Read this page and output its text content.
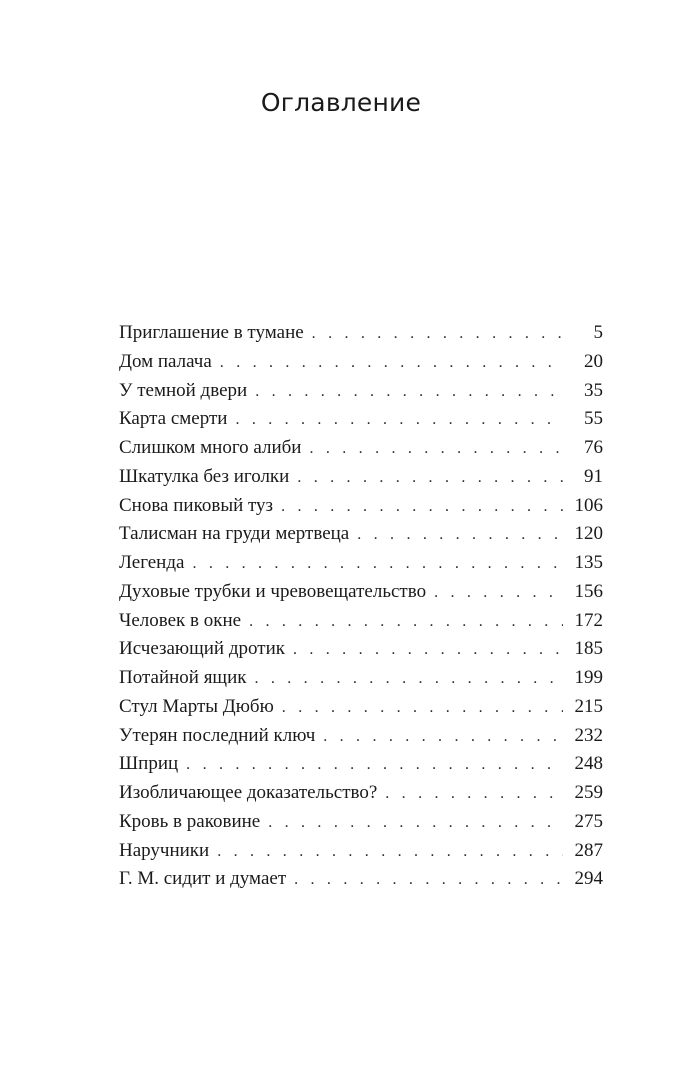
Оглавление
Приглашение в тумане . . .	5
Дом палача . . .	20
У темной двери . . .	35
Карта смерти . . .	55
Слишком много алиби . . .	76
Шкатулка без иголки . . .	91
Снова пиковый туз . . .	106
Талисман на груди мертвеца . . .	120
Легенда . . .	135
Духовые трубки и чревовещательство . . .	156
Человек в окне . . .	172
Исчезающий дротик . . .	185
Потайной ящик . . .	199
Стул Марты Дюбю . . .	215
Утерян последний ключ . . .	232
Шприц . . .	248
Изобличающее доказательство? . . .	259
Кровь в раковине . . .	275
Наручники . . .	287
Г. М. сидит и думает . . .	294
